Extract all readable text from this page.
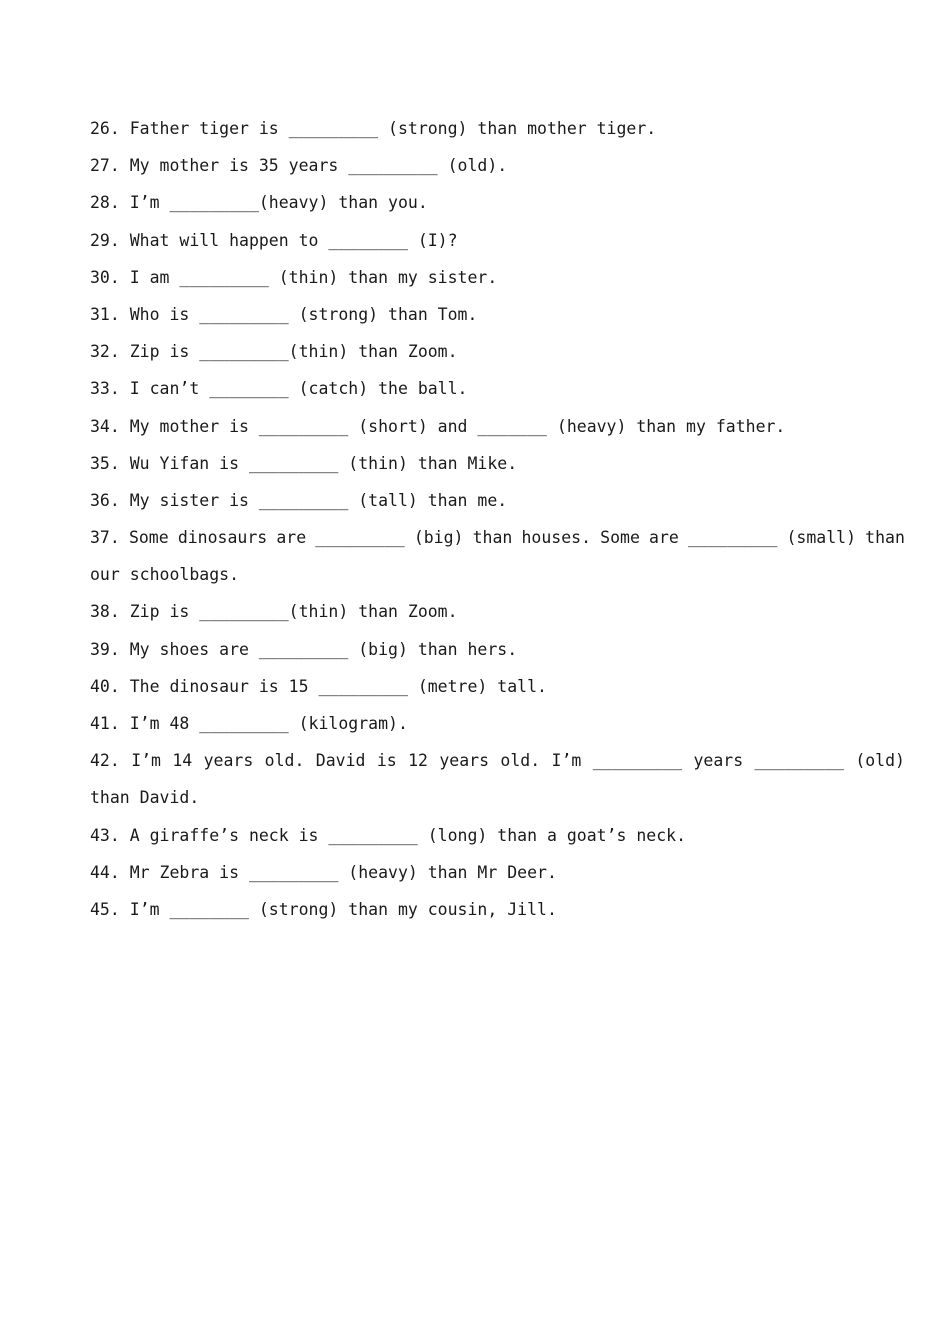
26. Father tiger is _________ (strong) than mother tiger.
27. My mother is 35 years _________ (old).
28. I’m _________(heavy) than you.
29. What will happen to ________ (I)?
30. I am _________ (thin) than my sister.
31. Who is _________ (strong) than Tom.
32. Zip is _________(thin) than Zoom.
33. I can’t ________ (catch) the ball.
34. My mother is _________ (short) and _______ (heavy) than my father.
35. Wu Yifan is _________ (thin) than Mike.
36. My sister is _________ (tall) than me.
37. Some dinosaurs are _________ (big) than houses. Some are _________ (small) than
our schoolbags.
38. Zip is _________(thin) than Zoom.
39. My shoes are _________ (big) than hers.
40. The dinosaur is 15 _________ (metre) tall.
41. I’m 48 _________ (kilogram).
42. I’m 14 years old. David is 12 years old. I’m _________ years _________ (old)
than David.
43. A giraffe’s neck is _________ (long) than a goat’s neck.
44. Mr Zebra is _________ (heavy) than Mr Deer.
45. I’m ________ (strong) than my cousin, Jill.
